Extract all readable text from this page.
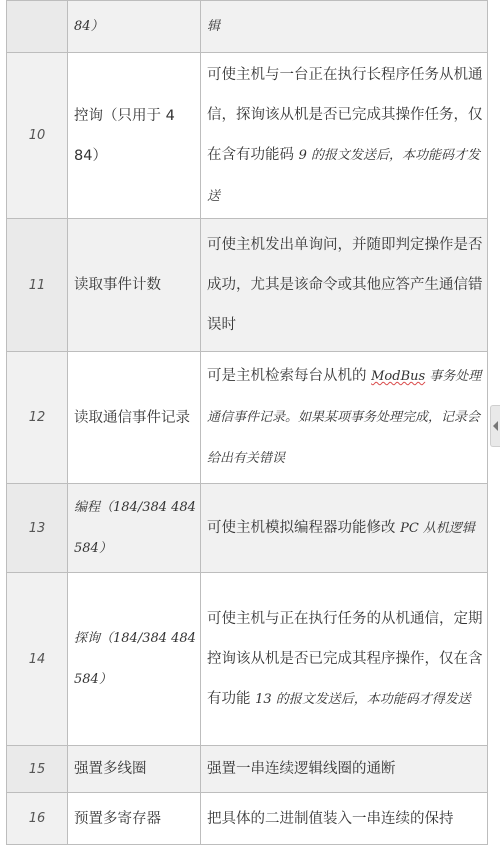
	84）	辑
10	控询（只用于 4 84）	可使主机与一台正在执行长程序任务从机通信，探询该从机是否已完成其操作任务，仅在含有功能码 9 的报文发送后，本功能码才发送
11	读取事件计数	可使主机发出单询问，并随即判定操作是否成功，尤其是该命令或其他应答产生通信错误时
12	读取通信事件记录	可是主机检索每台从机的 ModBus 事务处理通信事件记录。如果某项事务处理完成，记录会给出有关错误
13	编程（184/384 484 584）	可使主机模拟编程器功能修改 PC 从机逻辑
14	探询（184/384 484 584）	可使主机与正在执行任务的从机通信，定期控询该从机是否已完成其程序操作，仅在含有功能 13 的报文发送后，本功能码才得发送
15	强置多线圈	强置一串连续逻辑线圈的通断
16	预置多寄存器	把具体的二进制值装入一串连续的保持
